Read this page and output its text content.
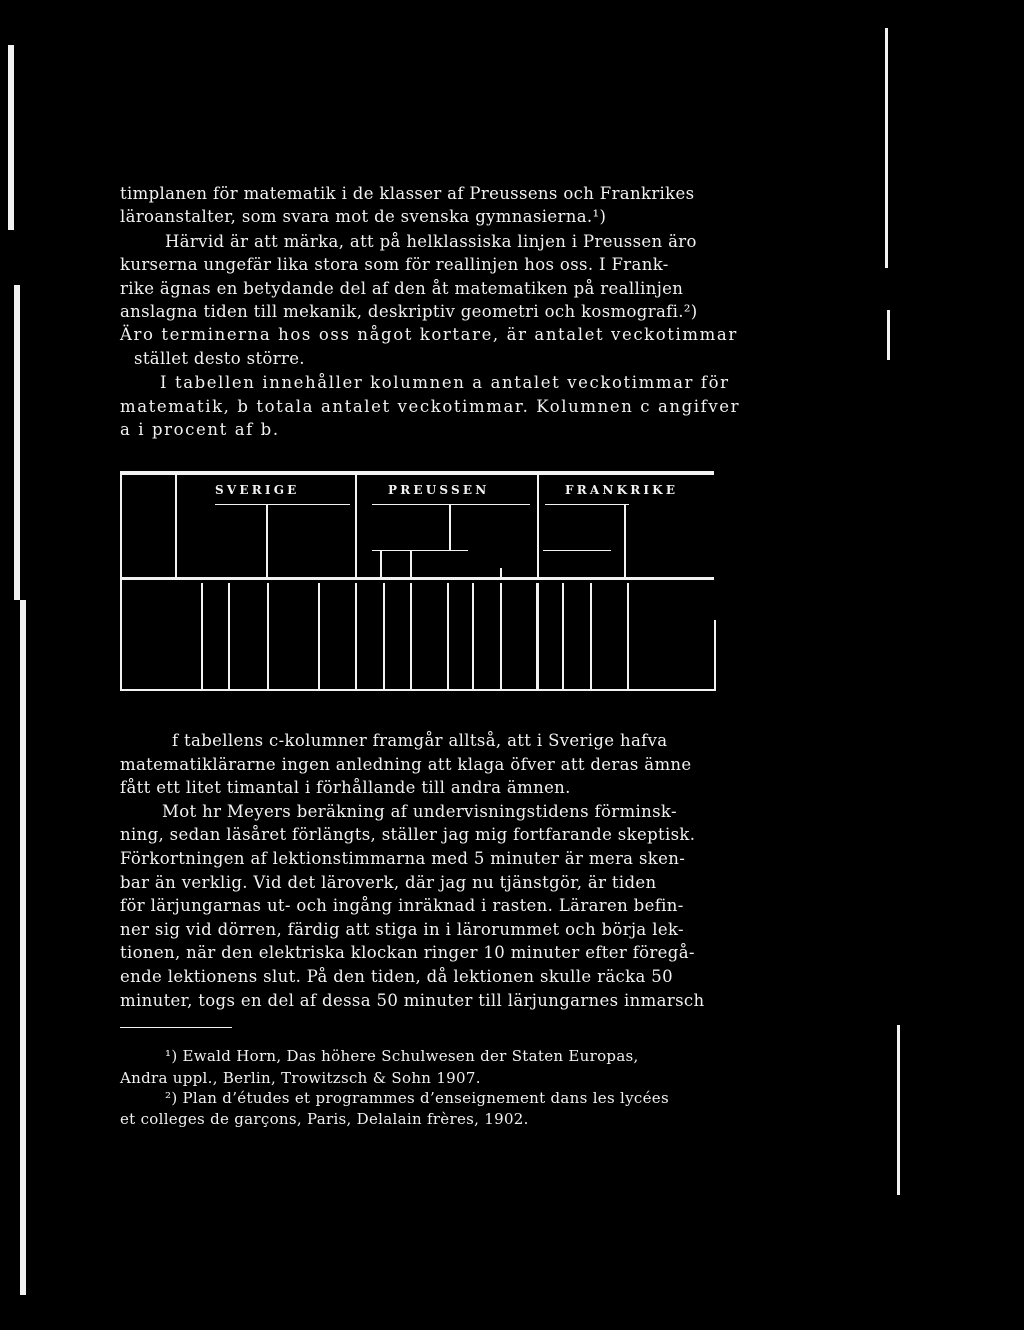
timplanen för matematik i de klasser af Preussens och Frankrikes
läroanstalter, som svara mot de svenska gymnasierna.¹)
Härvid är att märka, att på helklassiska linjen i Preussen äro
kurserna ungefär lika stora som för reallinjen hos oss. I Frank-
rike ägnas en betydande del af den åt matematiken på reallinjen
anslagna tiden till mekanik, deskriptiv geometri och kosmografi.²)
Äro terminerna hos oss något kortare, är antalet veckotimmar
stället desto större.
I tabellen innehåller kolumnen a antalet veckotimmar för
matematik, b totala antalet veckotimmar. Kolumnen c angifver
a i procent af b.
SVERIGE	PREUSSEN	FRANKRIKE
f tabellens c-kolumner framgår alltså, att i Sverige hafva
matematiklärarne ingen anledning att klaga öfver att deras ämne
fått ett litet timantal i förhållande till andra ämnen.
Mot hr Meyers beräkning af undervisningstidens förminsk-
ning, sedan läsåret förlängts, ställer jag mig fortfarande skeptisk.
Förkortningen af lektionstimmarna med 5 minuter är mera sken-
bar än verklig. Vid det läroverk, där jag nu tjänstgör, är tiden
för lärjungarnas ut- och ingång inräknad i rasten. Läraren befin-
ner sig vid dörren, färdig att stiga in i lärorummet och börja lek-
tionen, när den elektriska klockan ringer 10 minuter efter föregå-
ende lektionens slut. På den tiden, då lektionen skulle räcka 50
minuter, togs en del af dessa 50 minuter till lärjungarnes inmarsch
¹) Ewald Horn, Das höhere Schulwesen der Staten Europas,
Andra uppl., Berlin, Trowitzsch & Sohn 1907.
²) Plan d’études et programmes d’enseignement dans les lycées
et colleges de garçons, Paris, Delalain frères, 1902.
